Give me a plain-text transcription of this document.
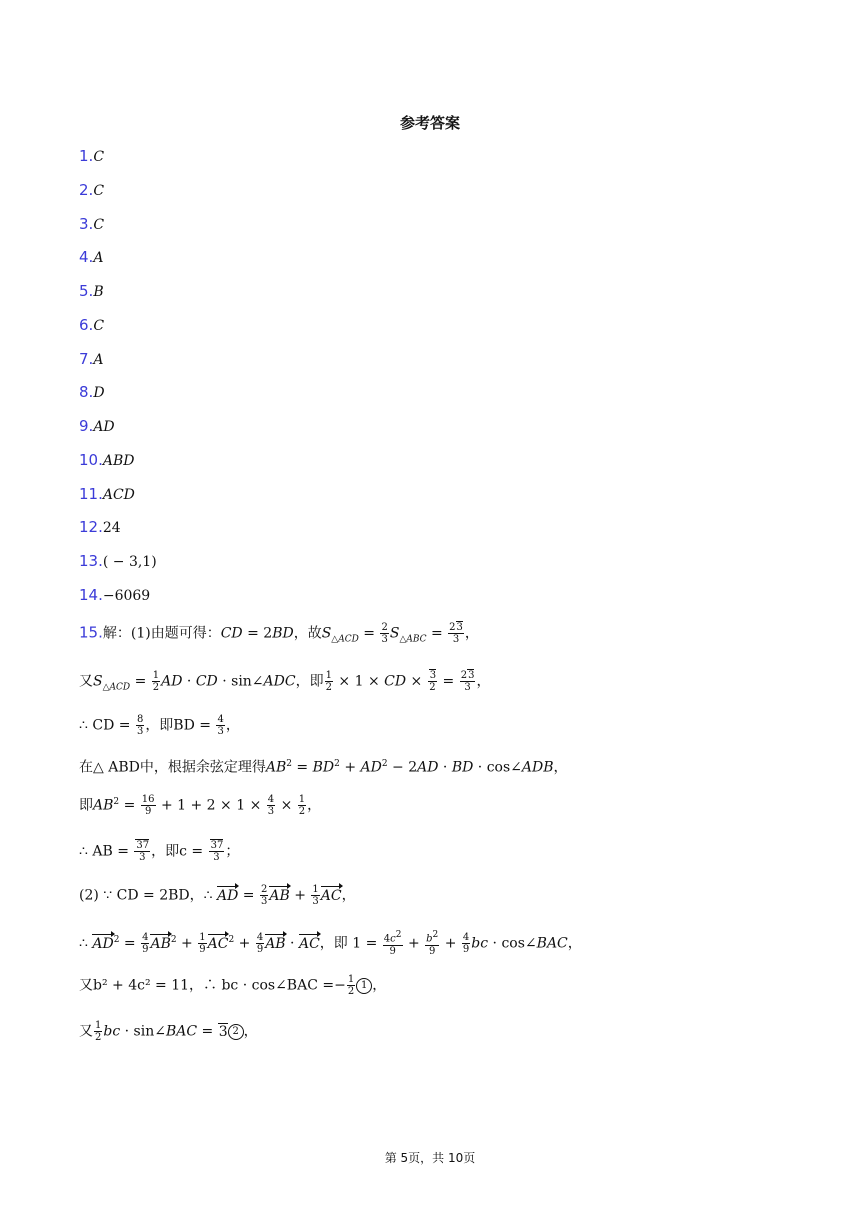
参考答案
1.C
2.C
3.C
4.A
5.B
6.C
7.A
8.D
9.AD
10.ABD
11.ACD
12.24
13.( − 3,1)
14.−6069
15.解：(1)由题可得：CD = 2BD，故$S_{\triangle ACD} = \frac{2}{3} S_{\triangle ABC} = \frac{23}{3}$ ，
又$S_{\triangle ACD} = \frac{1}{2}$ AD · CD · sin∠ADC，即 $\frac{1}{2} \times 1$ × CD × $\frac{3}{2} = \frac{23}{3}$ ，
∴ CD = $\frac{8}{3}$ ，即BD = $\frac{4}{3}$ ，
在△ ABD中，根据余弦定理得$AB^2 = BD^2 + AD^2 - 2AD$ · BD · cos∠ADB，
即$AB^2 = \frac{16}{9} + 1 + 2 \times 1 \times \frac{4}{3} \times \frac{1}{2}$ ，
∴ AB = $\frac{37}{3}$ ，即$c = \frac{37}{3}$ ；
(2) ∵ CD = 2BD，∴ AD = $\frac{2}{3}$ AB + $\frac{1}{3}$ AC，
∴ $AD^2 = \frac{4}{9} AB^2 + \frac{1}{9} AC^2 + \frac{4}{9}$ AB · AC，即 $1 = \frac{4c^2}{9} + \frac{b^2}{9} + \frac{4}{9}$ bc · cos∠BAC，
又b² + 4c² = 11，∴ bc · cos∠BAC =− $\frac{1}{2} 1$ ，
又 $\frac{1}{2}$ bc · sin∠BAC = 3 2 ，
第 5页，共 10页
